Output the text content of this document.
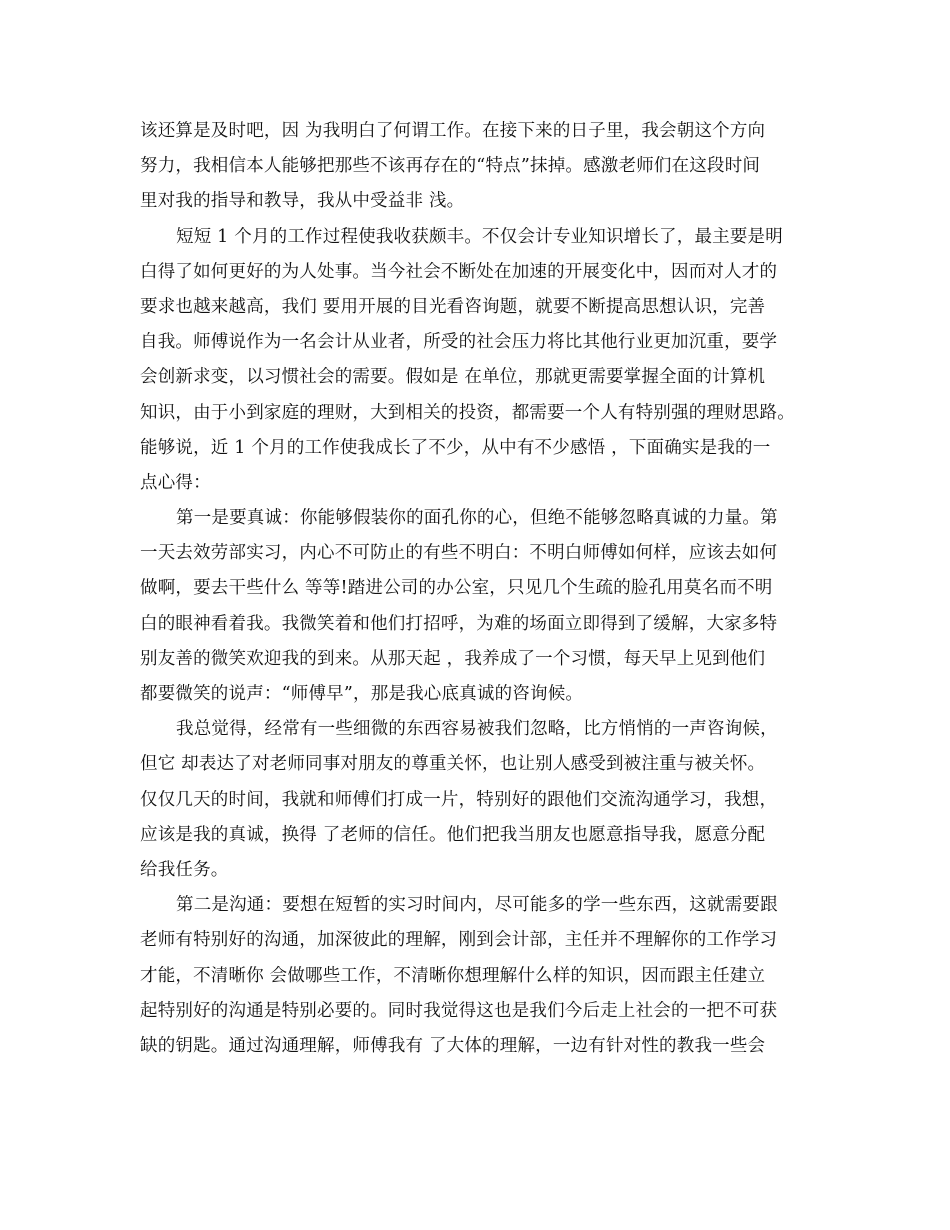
该还算是及时吧，因 为我明白了何谓工作。在接下来的日子里，我会朝这个方向
努力，我相信本人能够把那些不该再存在的“特点”抹掉。感激老师们在这段时间
里对我的指导和教导，我从中受益非 浅。

短短 1 个月的工作过程使我收获颇丰。不仅会计专业知识增长了，最主要是明
白得了如何更好的为人处事。当今社会不断处在加速的开展变化中，因而对人才的
要求也越来越高，我们 要用开展的目光看咨询题，就要不断提高思想认识，完善
自我。师傅说作为一名会计从业者，所受的社会压力将比其他行业更加沉重，要学
会创新求变，以习惯社会的需要。假如是 在单位，那就更需要掌握全面的计算机
知识，由于小到家庭的理财，大到相关的投资，都需要一个人有特别强的理财思路。
能够说，近 1 个月的工作使我成长了不少，从中有不少感悟 ，下面确实是我的一
点心得：

第一是要真诚：你能够假装你的面孔你的心，但绝不能够忽略真诚的力量。第
一天去效劳部实习，内心不可防止的有些不明白：不明白师傅如何样，应该去如何
做啊，要去干些什么 等等!踏进公司的办公室，只见几个生疏的脸孔用莫名而不明
白的眼神看着我。我微笑着和他们打招呼，为难的场面立即得到了缓解，大家多特
别友善的微笑欢迎我的到来。从那天起 ，我养成了一个习惯，每天早上见到他们
都要微笑的说声：“师傅早”，那是我心底真诚的咨询候。

我总觉得，经常有一些细微的东西容易被我们忽略，比方悄悄的一声咨询候，
但它 却表达了对老师同事对朋友的尊重关怀，也让别人感受到被注重与被关怀。
仅仅几天的时间，我就和师傅们打成一片，特别好的跟他们交流沟通学习，我想，
应该是我的真诚，换得 了老师的信任。他们把我当朋友也愿意指导我，愿意分配
给我任务。

第二是沟通：要想在短暂的实习时间内，尽可能多的学一些东西，这就需要跟
老师有特别好的沟通，加深彼此的理解，刚到会计部，主任并不理解你的工作学习
才能，不清晰你 会做哪些工作，不清晰你想理解什么样的知识，因而跟主任建立
起特别好的沟通是特别必要的。同时我觉得这也是我们今后走上社会的一把不可获
缺的钥匙。通过沟通理解，师傅我有 了大体的理解，一边有针对性的教我一些会
